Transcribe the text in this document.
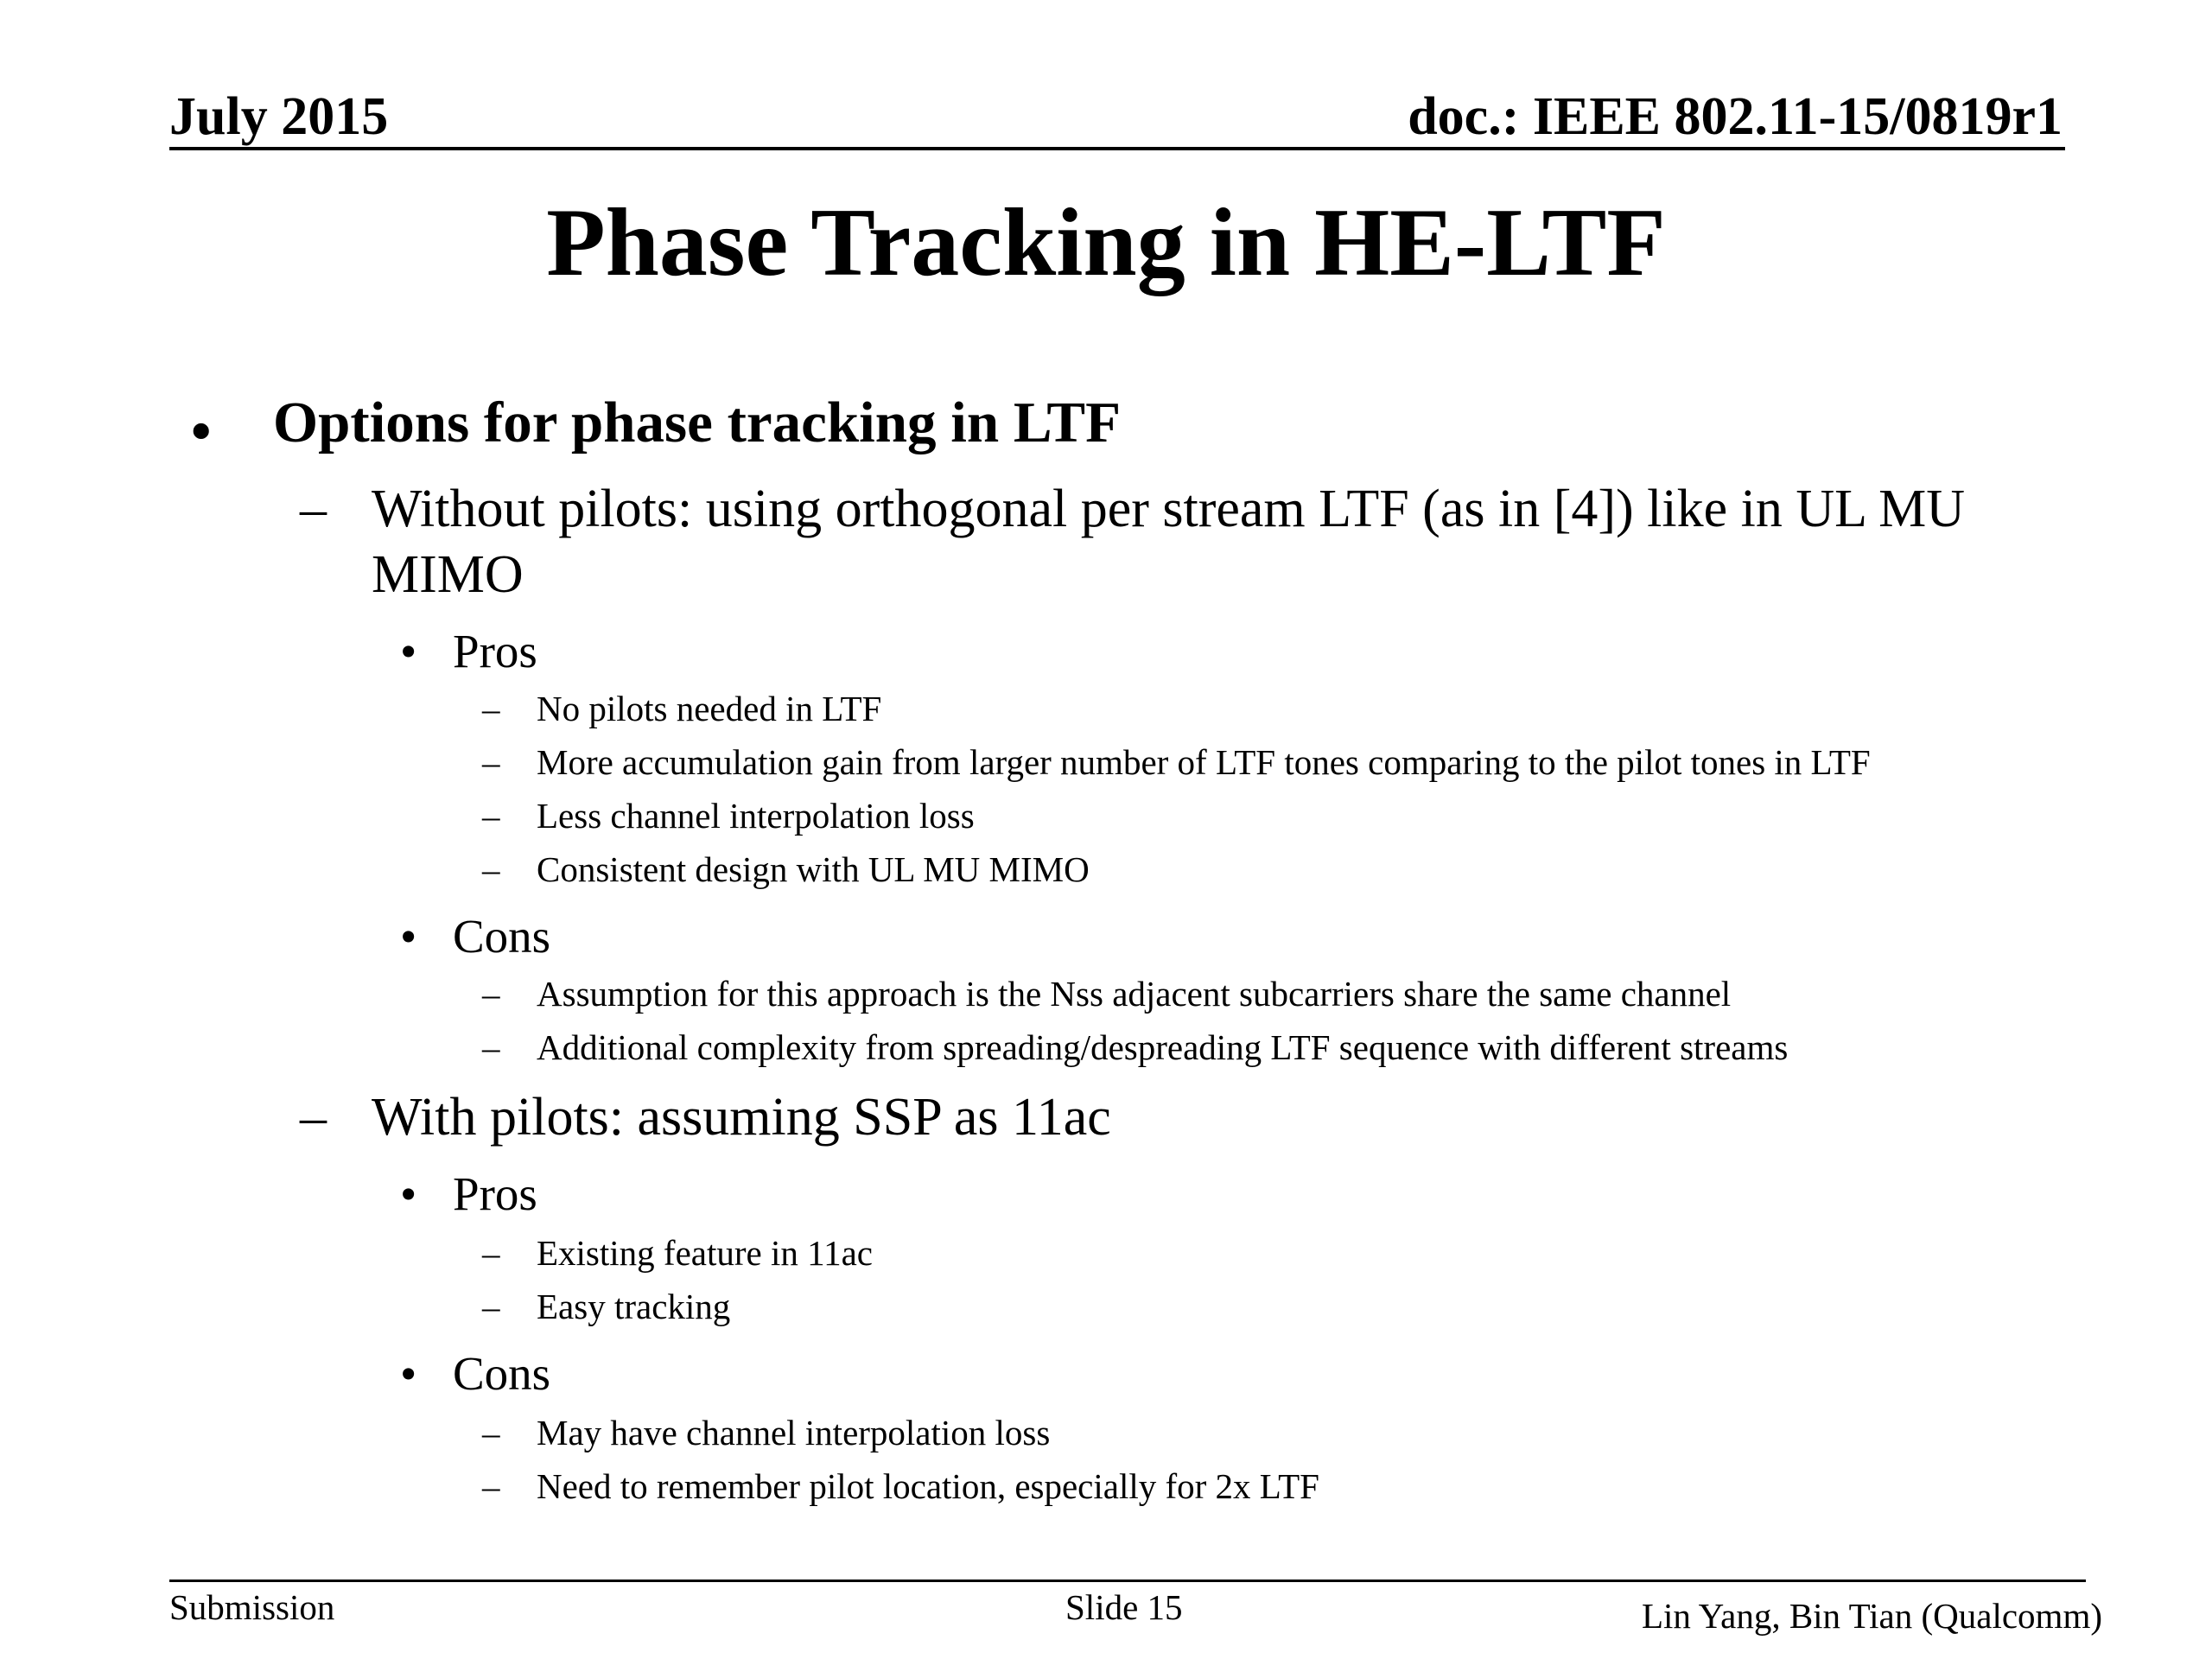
July 2015	doc.: IEEE 802.11-15/0819r1
Phase Tracking in HE-LTF
• Options for phase tracking in LTF
– Without pilots: using orthogonal per stream LTF (as in [4]) like in UL MU
MIMO
• Pros
– No pilots needed in LTF
– More accumulation gain from larger number of LTF tones comparing to the pilot tones in LTF
– Less channel interpolation loss
– Consistent design with UL MU MIMO
• Cons
– Assumption for this approach is the Nss adjacent subcarriers share the same channel
– Additional complexity from spreading/despreading LTF sequence with different streams
– With pilots: assuming SSP as 11ac
• Pros
– Existing feature in 11ac
– Easy tracking
• Cons
– May have channel interpolation loss
– Need to remember pilot location, especially for 2x LTF
Submission	Slide 15	Lin Yang, Bin Tian (Qualcomm)
